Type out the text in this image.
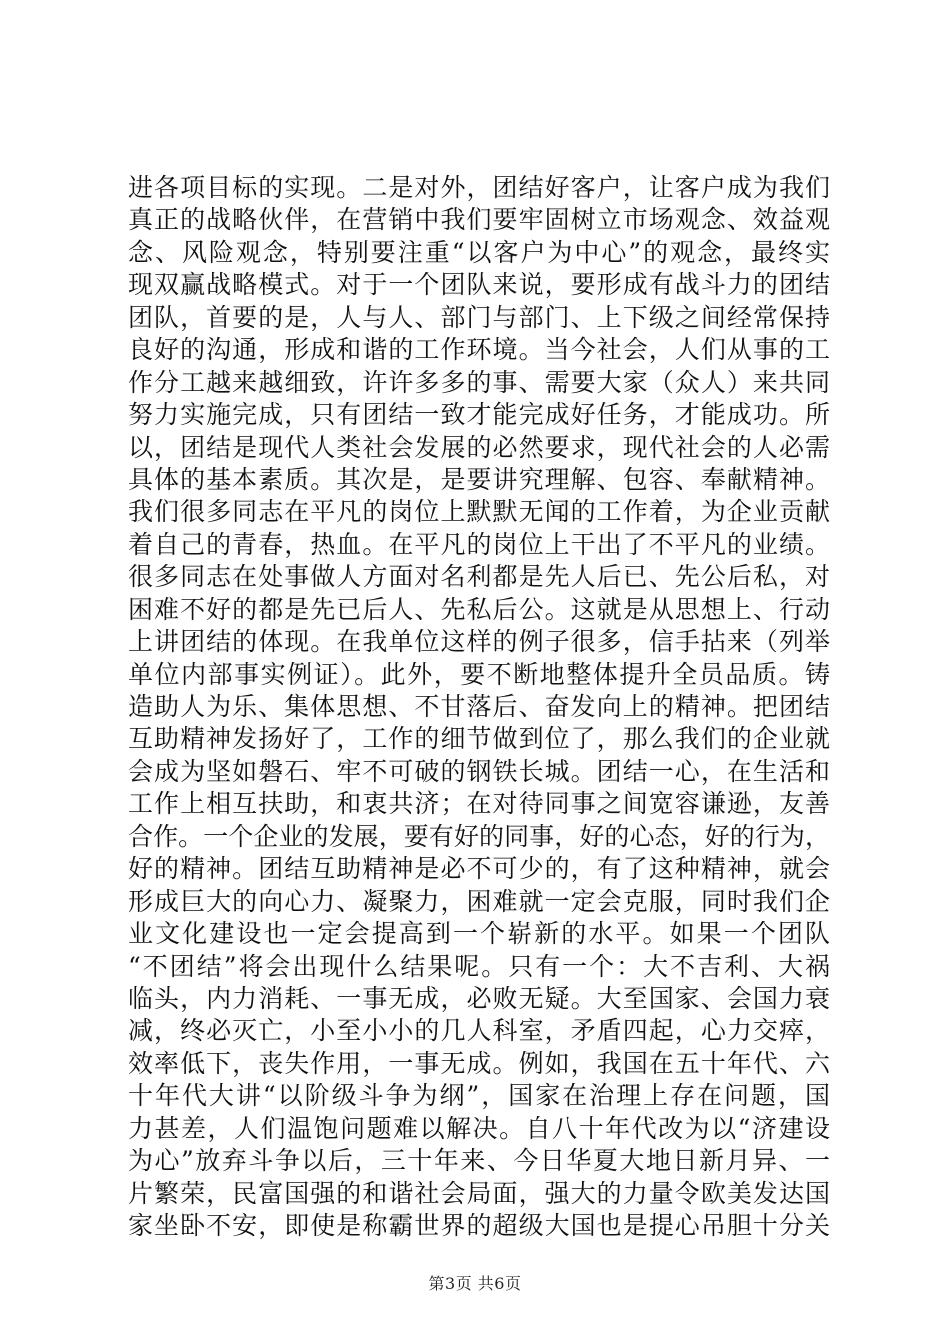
进各项目标的实现。二是对外，团结好客户，让客户成为我们
真正的战略伙伴，在营销中我们要牢固树立市场观念、效益观
念、风险观念，特别要注重“以客户为中心”的观念，最终实
现双赢战略模式。对于一个团队来说，要形成有战斗力的团结
团队，首要的是，人与人、部门与部门、上下级之间经常保持
良好的沟通，形成和谐的工作环境。当今社会，人们从事的工
作分工越来越细致，许许多多的事、需要大家（众人）来共同
努力实施完成，只有团结一致才能完成好任务，才能成功。所
以，团结是现代人类社会发展的必然要求，现代社会的人必需
具体的基本素质。其次是，是要讲究理解、包容、奉献精神。
我们很多同志在平凡的岗位上默默无闻的工作着，为企业贡献
着自己的青春，热血。在平凡的岗位上干出了不平凡的业绩。
很多同志在处事做人方面对名利都是先人后已、先公后私，对
困难不好的都是先已后人、先私后公。这就是从思想上、行动
上讲团结的体现。在我单位这样的例子很多，信手拈来（列举
单位内部事实例证）。此外，要不断地整体提升全员品质。铸
造助人为乐、集体思想、不甘落后、奋发向上的精神。把团结
互助精神发扬好了，工作的细节做到位了，那么我们的企业就
会成为坚如磐石、牢不可破的钢铁长城。团结一心，在生活和
工作上相互扶助，和衷共济；在对待同事之间宽容谦逊，友善
合作。一个企业的发展，要有好的同事，好的心态，好的行为，
好的精神。团结互助精神是必不可少的，有了这种精神，就会
形成巨大的向心力、凝聚力，困难就一定会克服，同时我们企
业文化建设也一定会提高到一个崭新的水平。如果一个团队
“不团结”将会出现什么结果呢。只有一个：大不吉利、大祸
临头，内力消耗、一事无成，必败无疑。大至国家、会国力衰
减，终必灭亡，小至小小的几人科室，矛盾四起，心力交瘁，
效率低下，丧失作用，一事无成。例如，我国在五十年代、六
十年代大讲“以阶级斗争为纲”，国家在治理上存在问题，国
力甚差，人们温饱问题难以解决。自八十年代改为以“济建设
为心”放弃斗争以后，三十年来、今日华夏大地日新月异、一
片繁荣，民富国强的和谐社会局面，强大的力量令欧美发达国
家坐卧不安，即使是称霸世界的超级大国也是提心吊胆十分关
第3页 共6页
